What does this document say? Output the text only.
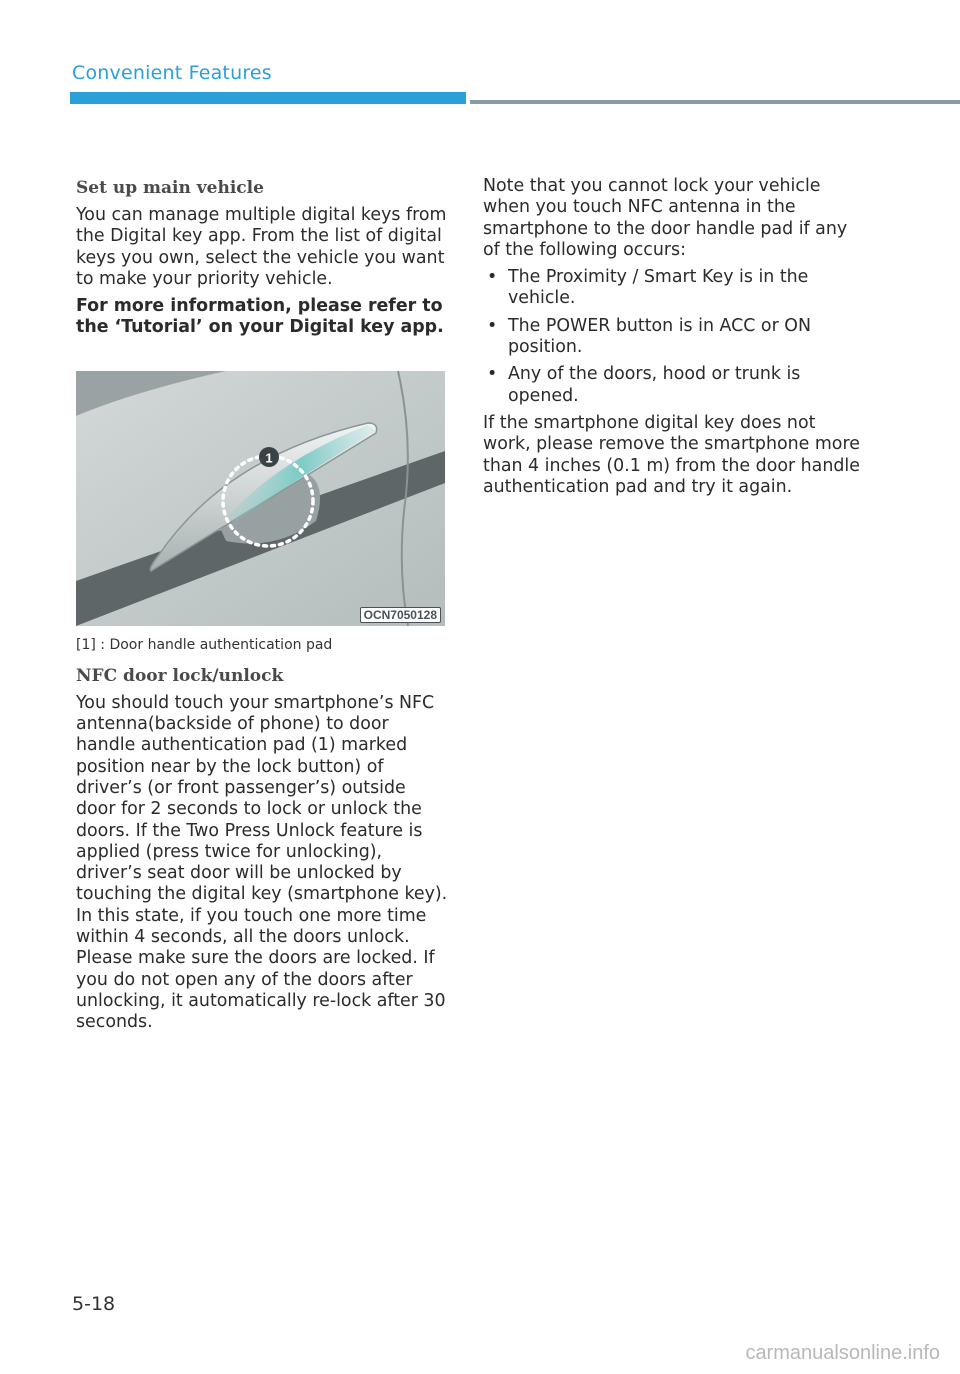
Convenient Features
Set up main vehicle

You can manage multiple digital keys from the Digital key app. From the list of digital keys you own, select the vehicle you want to make your priority vehicle.

For more information, please refer to the ‘Tutorial’ on your Digital key app.

1
OCN7050128

[1] : Door handle authentication pad

NFC door lock/unlock

You should touch your smartphone’s NFC antenna(backside of phone) to door handle authentication pad (1) marked position near by the lock button) of driver’s (or front passenger’s) outside door for 2 seconds to lock or unlock the doors. If the Two Press Unlock feature is applied (press twice for unlocking), driver’s seat door will be unlocked by touching the digital key (smartphone key). In this state, if you touch one more time within 4 seconds, all the doors unlock. Please make sure the doors are locked. If you do not open any of the doors after unlocking, it automatically re-lock after 30 seconds.

Note that you cannot lock your vehicle when you touch NFC antenna in the smartphone to the door handle pad if any of the following occurs:

• The Proximity / Smart Key is in the vehicle.
• The POWER button is in ACC or ON position.
• Any of the doors, hood or trunk is opened.

If the smartphone digital key does not work, please remove the smartphone more than 4 inches (0.1 m) from the door handle authentication pad and try it again.

5-18
carmanualsonline.info
